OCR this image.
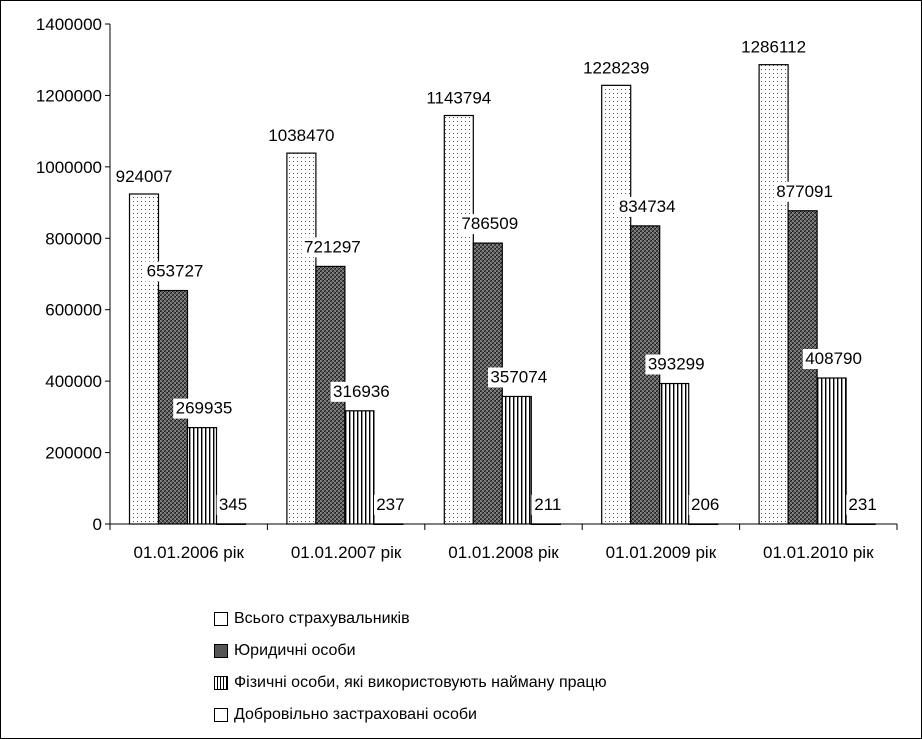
0
200000
400000
600000
800000
1000000
1200000
1400000
01.01.2006 рік	01.01.2007 рік	01.01.2008 рік	01.01.2009 рік	01.01.2010 рік
924007
653727
269935
345
1038470
721297
316936
237
1143794
786509
357074
211
1228239
834734
393299
206
1286112
877091
408790
231
Всього страхувальників
Юридичні особи
Фізичні особи, які використовують найману працю
Добровільно застраховані особи
